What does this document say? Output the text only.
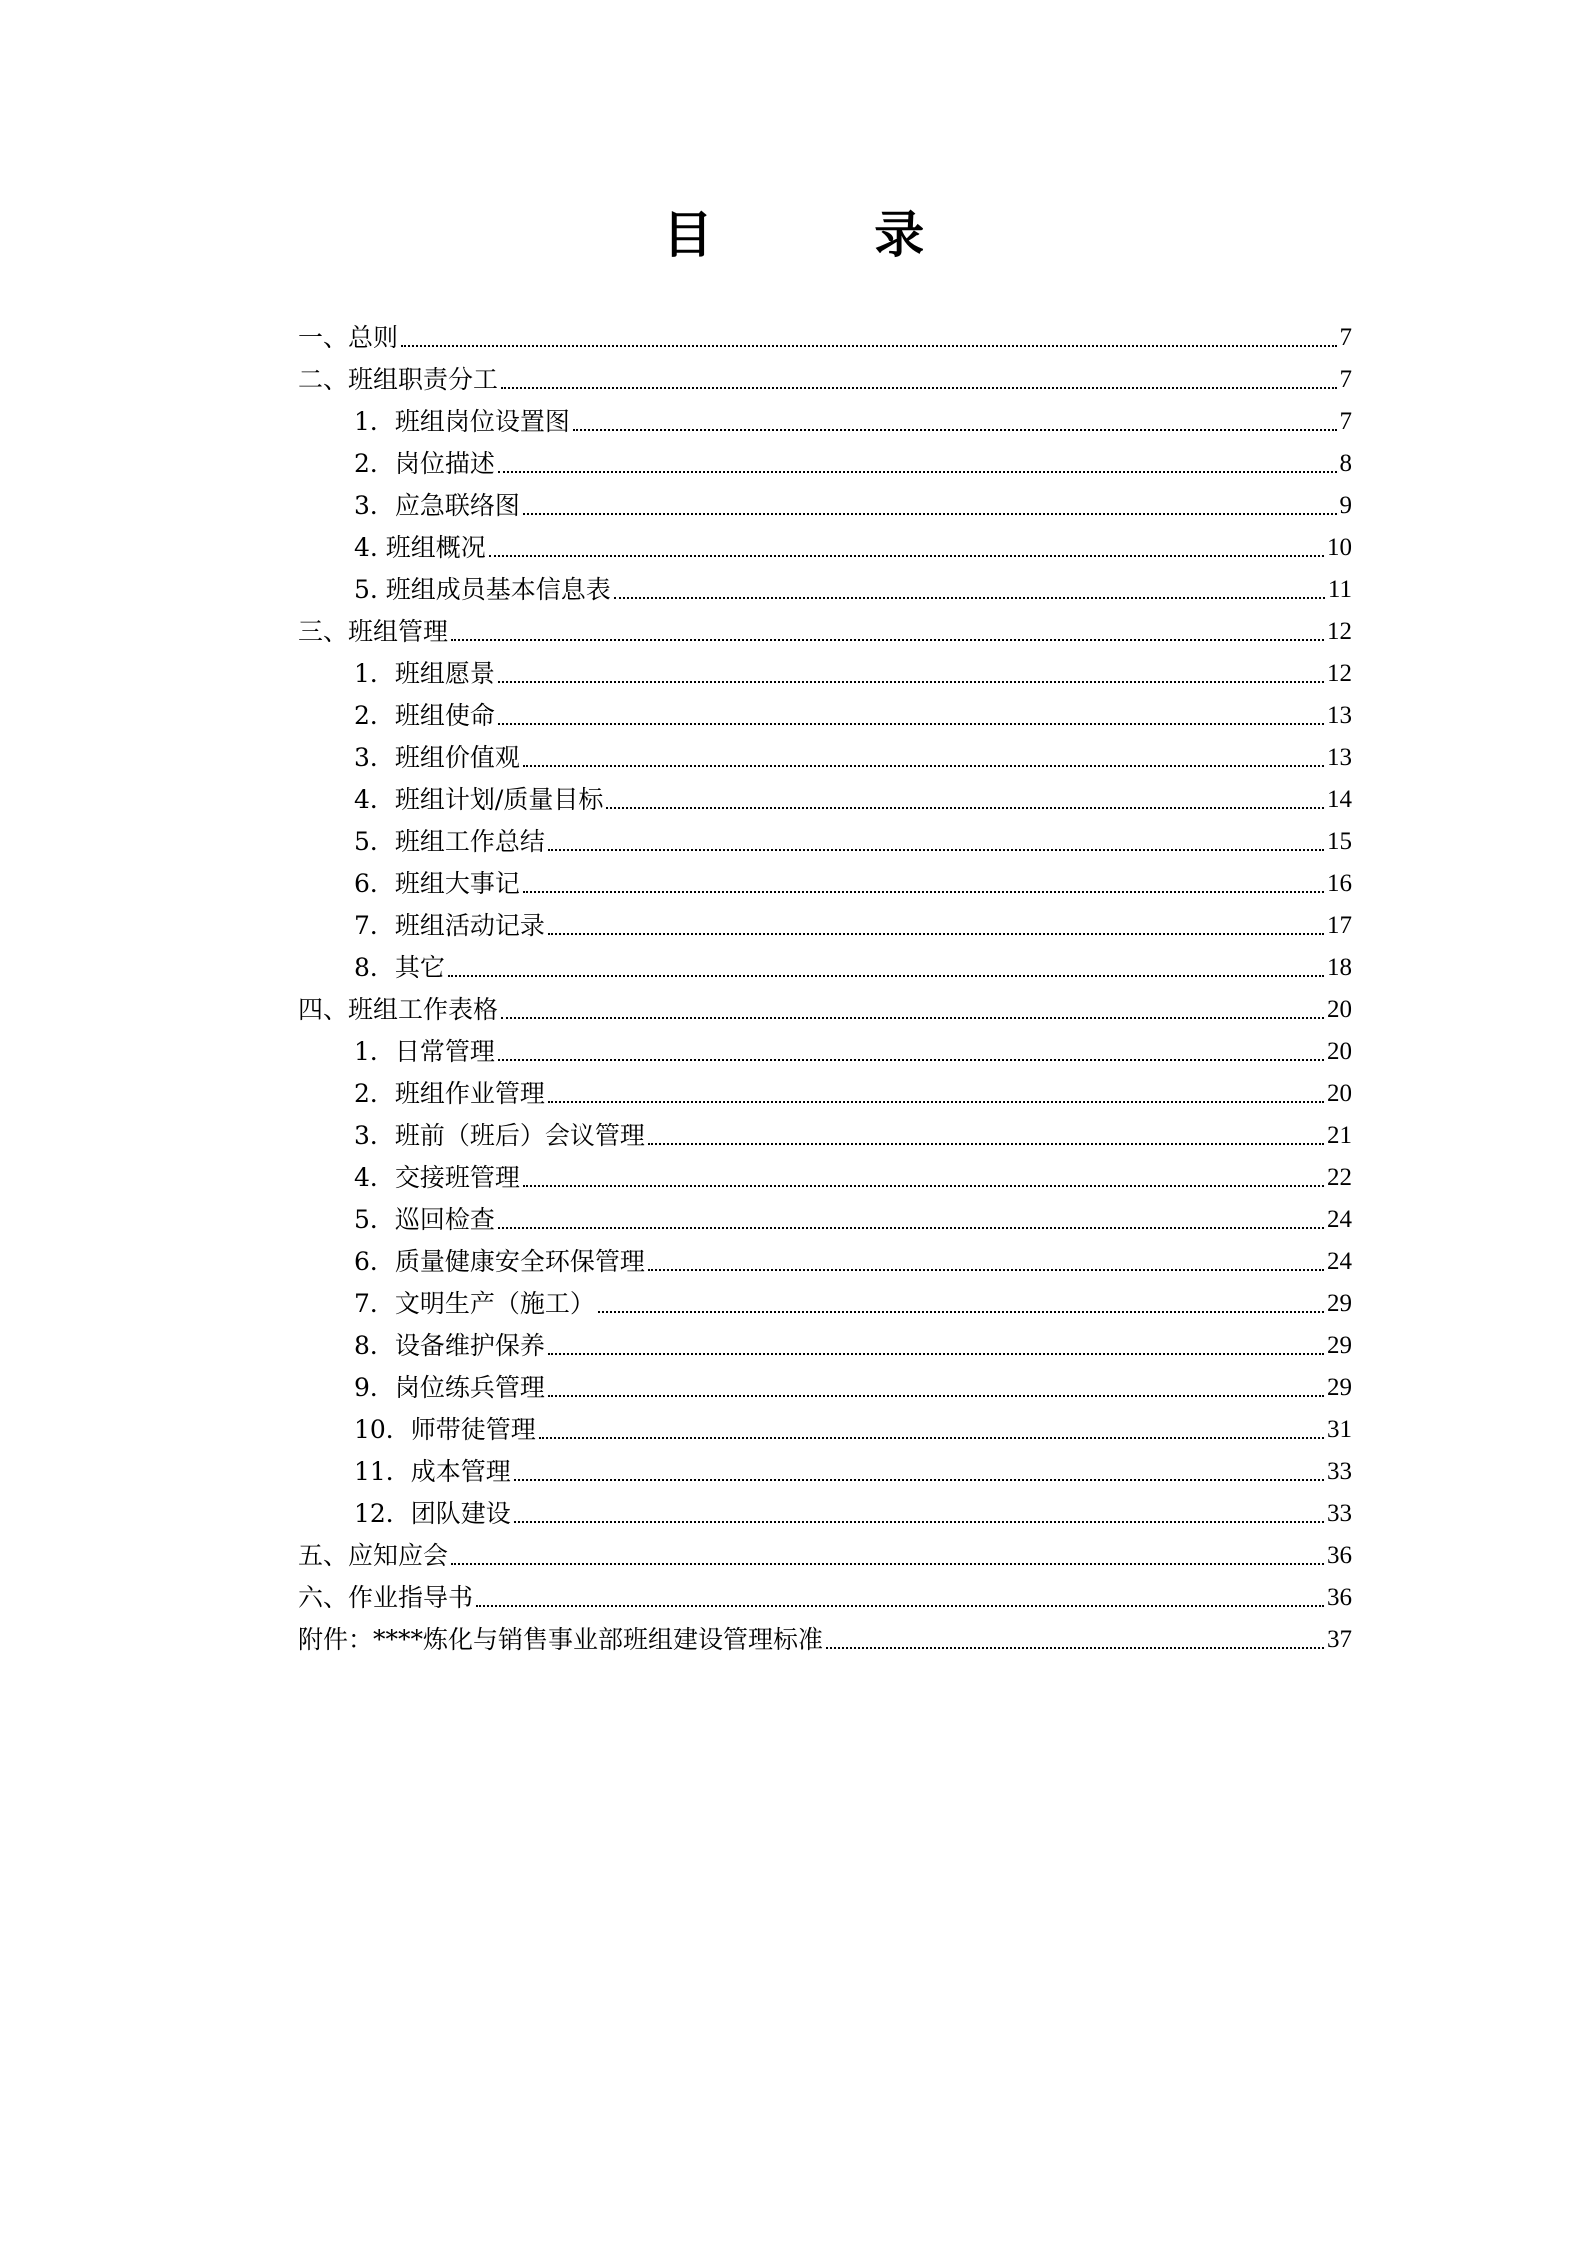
目 录
一、总则	7
二、班组职责分工	7
1．班组岗位设置图	7
2．岗位描述	8
3．应急联络图	9
4. 班组概况	10
5. 班组成员基本信息表	11
三、班组管理	12
1．班组愿景	12
2．班组使命	13
3．班组价值观	13
4．班组计划/质量目标	14
5．班组工作总结	15
6．班组大事记	16
7．班组活动记录	17
8．其它	18
四、班组工作表格	20
1．日常管理	20
2．班组作业管理	20
3．班前（班后）会议管理	21
4．交接班管理	22
5．巡回检查	24
6．质量健康安全环保管理	24
7．文明生产（施工）	29
8．设备维护保养	29
9．岗位练兵管理	29
10．师带徒管理	31
11．成本管理	33
12．团队建设	33
五、应知应会	36
六、作业指导书	36
附件：****炼化与销售事业部班组建设管理标准	37
